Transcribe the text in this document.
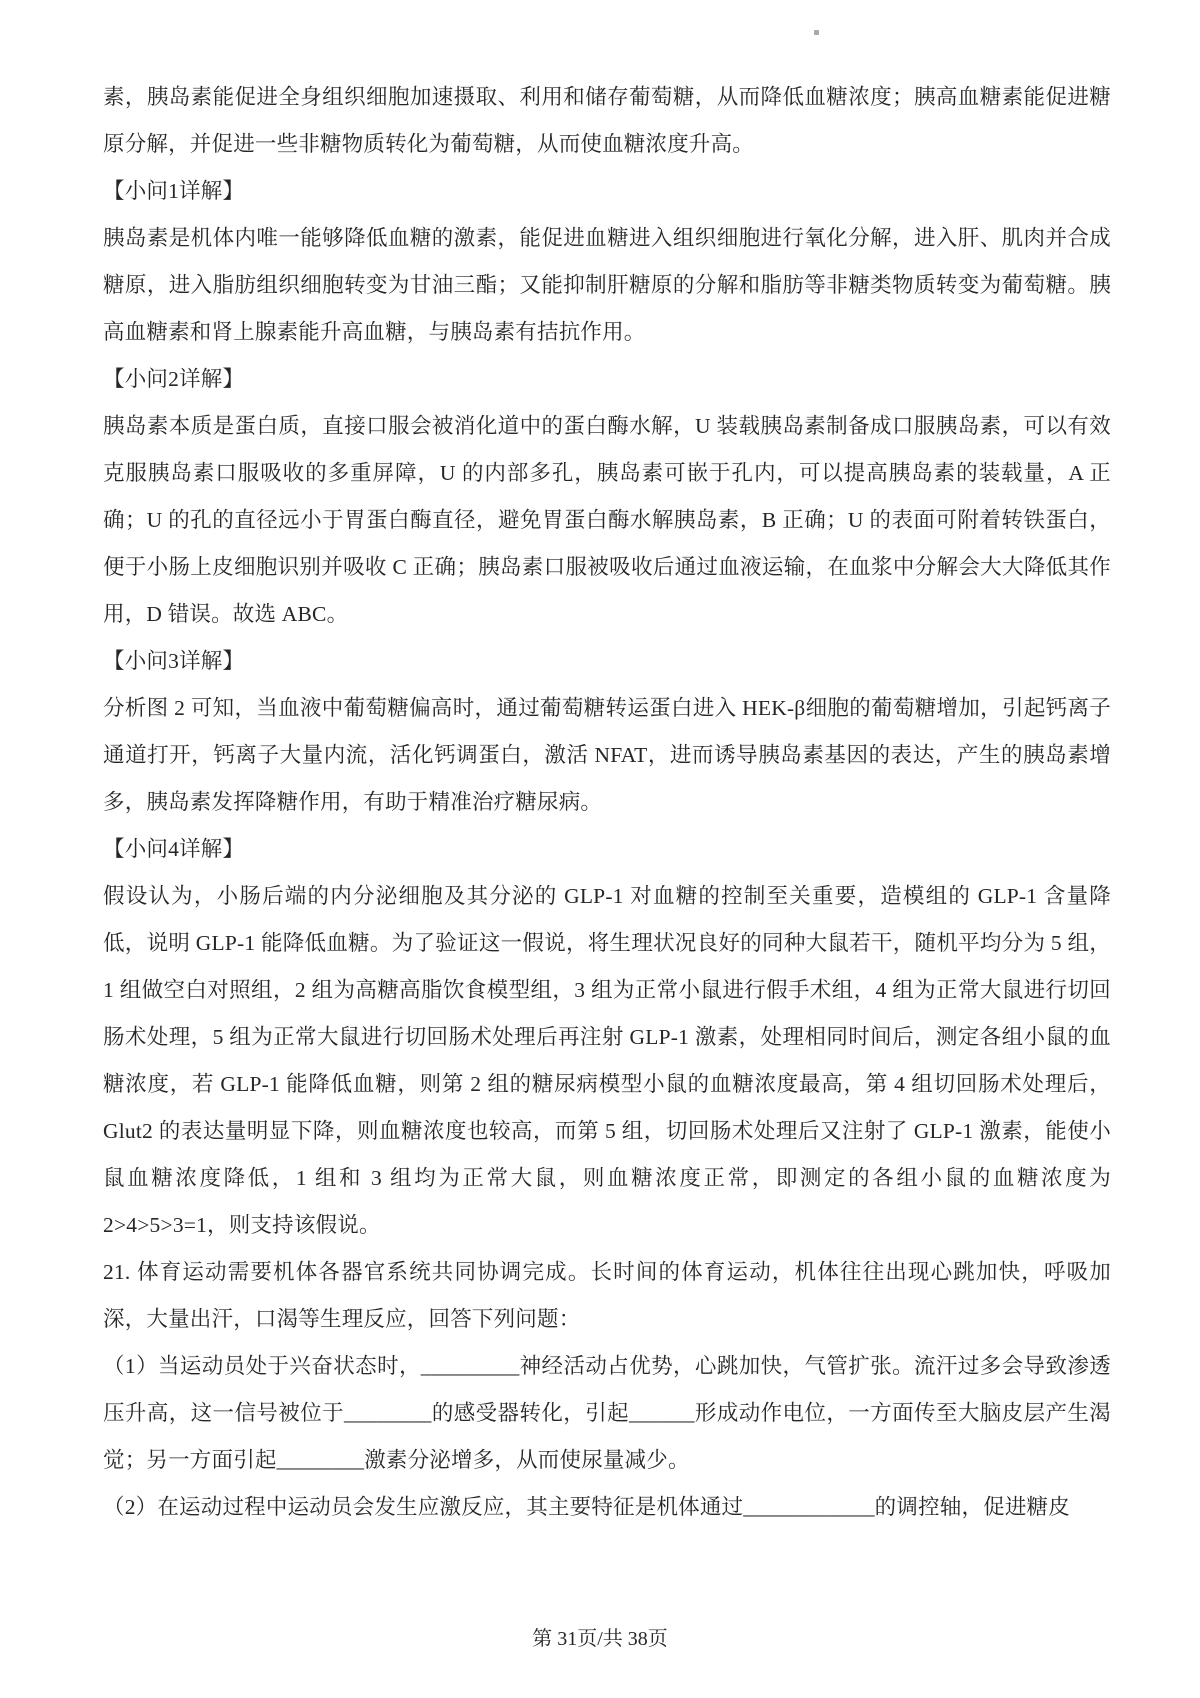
素，胰岛素能促进全身组织细胞加速摄取、利用和储存葡萄糖，从而降低血糖浓度；胰高血糖素能促进糖原分解，并促进一些非糖物质转化为葡萄糖，从而使血糖浓度升高。

【小问1详解】

胰岛素是机体内唯一能够降低血糖的激素，能促进血糖进入组织细胞进行氧化分解，进入肝、肌肉并合成糖原，进入脂肪组织细胞转变为甘油三酯；又能抑制肝糖原的分解和脂肪等非糖类物质转变为葡萄糖。胰高血糖素和肾上腺素能升高血糖，与胰岛素有拮抗作用。

【小问2详解】

胰岛素本质是蛋白质，直接口服会被消化道中的蛋白酶水解，U 装载胰岛素制备成口服胰岛素，可以有效克服胰岛素口服吸收的多重屏障，U 的内部多孔，胰岛素可嵌于孔内，可以提高胰岛素的装载量，A 正确；U 的孔的直径远小于胃蛋白酶直径，避免胃蛋白酶水解胰岛素，B 正确；U 的表面可附着转铁蛋白，便于小肠上皮细胞识别并吸收 C 正确；胰岛素口服被吸收后通过血液运输，在血浆中分解会大大降低其作用，D 错误。故选 ABC。

【小问3详解】

分析图 2 可知，当血液中葡萄糖偏高时，通过葡萄糖转运蛋白进入 HEK-β细胞的葡萄糖增加，引起钙离子通道打开，钙离子大量内流，活化钙调蛋白，激活 NFAT，进而诱导胰岛素基因的表达，产生的胰岛素增多，胰岛素发挥降糖作用，有助于精准治疗糖尿病。

【小问4详解】

假设认为，小肠后端的内分泌细胞及其分泌的 GLP-1 对血糖的控制至关重要，造模组的 GLP-1 含量降低，说明 GLP-1 能降低血糖。为了验证这一假说，将生理状况良好的同种大鼠若干，随机平均分为 5 组，1 组做空白对照组，2 组为高糖高脂饮食模型组，3 组为正常小鼠进行假手术组，4 组为正常大鼠进行切回肠术处理，5 组为正常大鼠进行切回肠术处理后再注射 GLP-1 激素，处理相同时间后，测定各组小鼠的血糖浓度，若 GLP-1 能降低血糖，则第 2 组的糖尿病模型小鼠的血糖浓度最高，第 4 组切回肠术处理后，Glut2 的表达量明显下降，则血糖浓度也较高，而第 5 组，切回肠术处理后又注射了 GLP-1 激素，能使小鼠血糖浓度降低，1 组和 3 组均为正常大鼠，则血糖浓度正常，即测定的各组小鼠的血糖浓度为 2>4>5>3=1，则支持该假说。

21. 体育运动需要机体各器官系统共同协调完成。长时间的体育运动，机体往往出现心跳加快，呼吸加深，大量出汗，口渴等生理反应，回答下列问题：

（1）当运动员处于兴奋状态时，_________神经活动占优势，心跳加快，气管扩张。流汗过多会导致渗透压升高，这一信号被位于________的感受器转化，引起______形成动作电位，一方面传至大脑皮层产生渴觉；另一方面引起________激素分泌增多，从而使尿量减少。

（2）在运动过程中运动员会发生应激反应，其主要特征是机体通过____________的调控轴，促进糖皮

第 31页/共 38页
